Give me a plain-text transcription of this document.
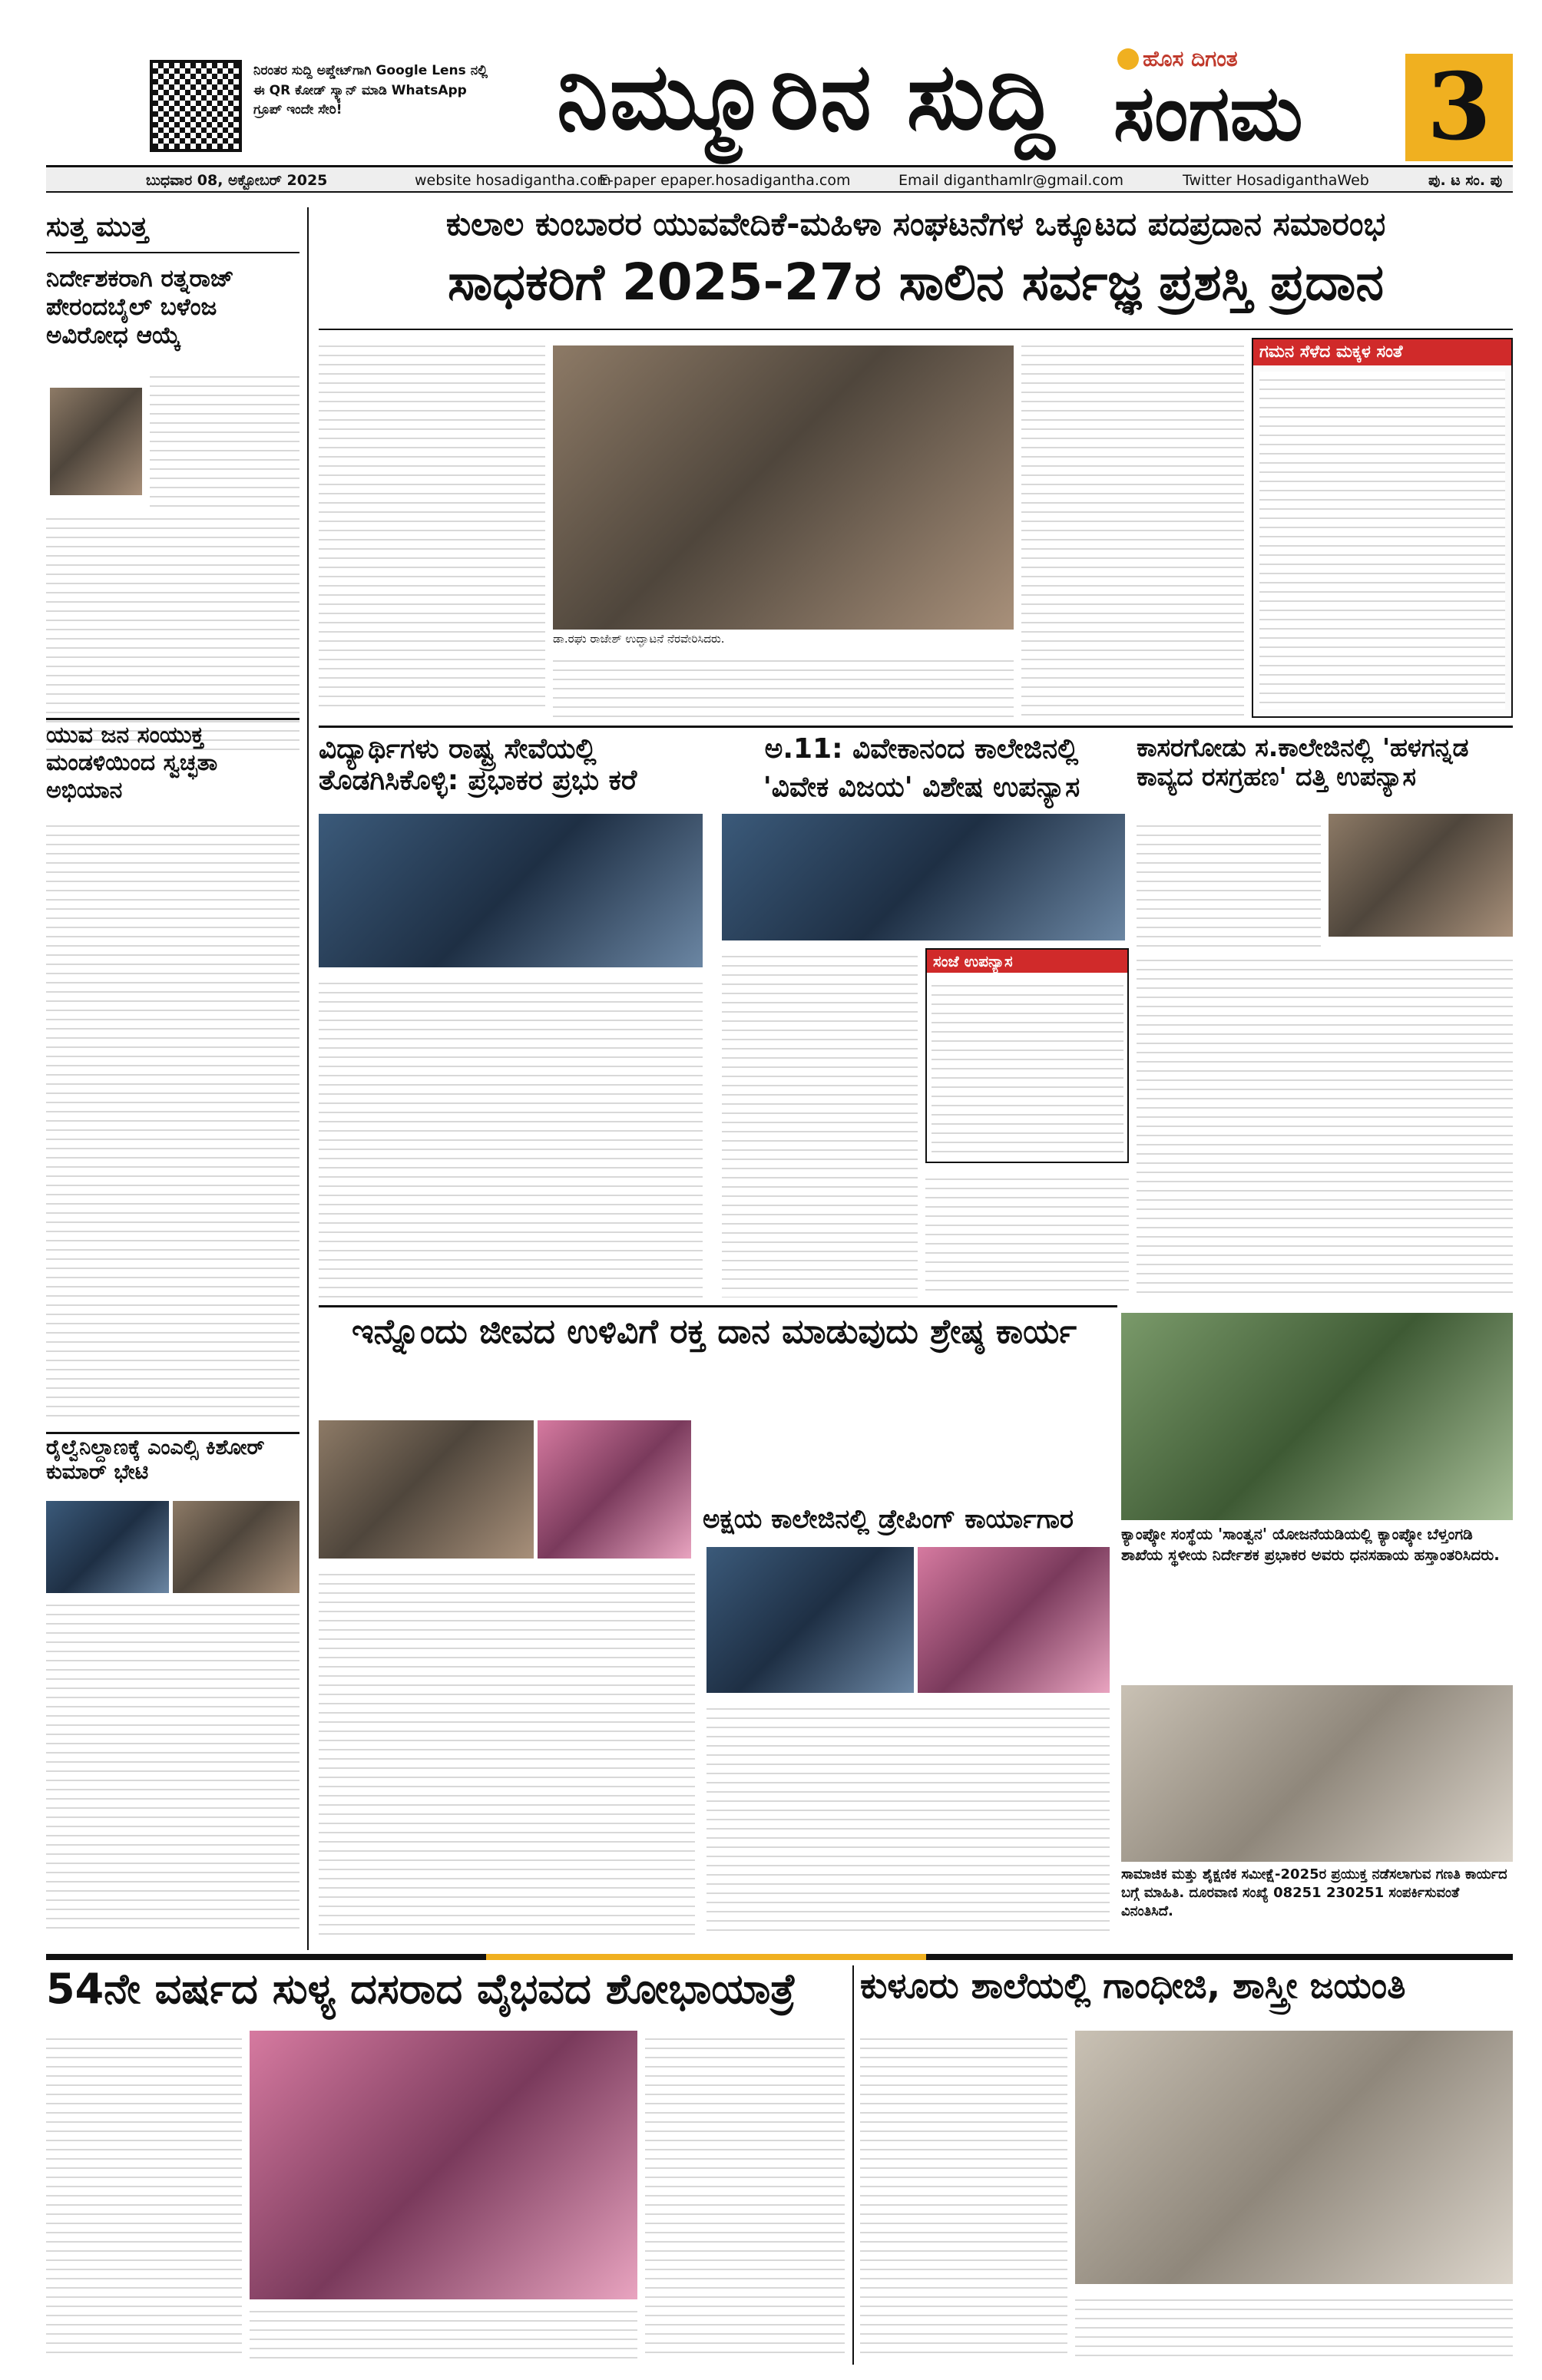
ನಿರಂತರ ಸುದ್ದಿ ಅಪ್ಡೇಟ್‌ಗಾಗಿ Google Lens ನಲ್ಲಿ ಈ QR ಕೋಡ್ ಸ್ಕ್ಯಾನ್ ಮಾಡಿ WhatsApp ಗ್ರೂಪ್ ಇಂದೇ ಸೇರಿ!	ನಿಮ್ಮೂರಿನ ಸುದ್ದಿ	ಹೊಸ ದಿಗಂತ
ಸಂಗಮ	3
ಬುಧವಾರ 08, ಅಕ್ಟೋಬರ್ 2025	website hosadigantha.com
E-paper epaper.hosadigantha.com	Email diganthamlr@gmail.com	Twitter HosadiganthaWeb	ಪು. ಟ ಸಂ. ಪು
ಸುತ್ತ ಮುತ್ತ
ನಿರ್ದೇಶಕರಾಗಿ ರತ್ನರಾಜ್ ಪೇರಂದಬೈಲ್ ಬಳೆಂಜ ಅವಿರೋಧ ಆಯ್ಕೆ
ಯುವ ಜನ ಸಂಯುಕ್ತ ಮಂಡಳಿಯಿಂದ ಸ್ವಚ್ಛತಾ ಅಭಿಯಾನ
ರೈಲ್ವೆನಿಲ್ದಾಣಕ್ಕೆ ಎಂಎಲ್ಸಿ ಕಿಶೋರ್ ಕುಮಾರ್ ಭೇಟಿ
ಕುಲಾಲ ಕುಂಬಾರರ ಯುವವೇದಿಕೆ-ಮಹಿಳಾ ಸಂಘಟನೆಗಳ ಒಕ್ಕೂಟದ ಪದಪ್ರದಾನ ಸಮಾರಂಭ
ಸಾಧಕರಿಗೆ 2025-27ರ ಸಾಲಿನ ಸರ್ವಜ್ಞ ಪ್ರಶಸ್ತಿ ಪ್ರದಾನ
ಡಾ.ರಘು ರಾಜೇಶ್ ಉದ್ಘಾಟನೆ ನೆರವೇರಿಸಿದರು.
ಗಮನ ಸೆಳೆದ ಮಕ್ಕಳ ಸಂತೆ
ವಿದ್ಯಾರ್ಥಿಗಳು ರಾಷ್ಟ್ರ ಸೇವೆಯಲ್ಲಿ ತೊಡಗಿಸಿಕೊಳ್ಳಿ: ಪ್ರಭಾಕರ ಪ್ರಭು ಕರೆ
ಅ.11: ವಿವೇಕಾನಂದ ಕಾಲೇಜಿನಲ್ಲಿ
'ವಿವೇಕ ವಿಜಯ' ವಿಶೇಷ ಉಪನ್ಯಾಸ
ಸಂಜೆ ಉಪನ್ಯಾಸ
ಕಾಸರಗೋಡು ಸ.ಕಾಲೇಜಿನಲ್ಲಿ 'ಹಳಗನ್ನಡ ಕಾವ್ಯದ ರಸಗ್ರಹಣ' ದತ್ತಿ ಉಪನ್ಯಾಸ
ಇನ್ನೊಂದು ಜೀವದ ಉಳಿವಿಗೆ ರಕ್ತ ದಾನ ಮಾಡುವುದು ಶ್ರೇಷ್ಠ ಕಾರ್ಯ
ಅಕ್ಷಯ ಕಾಲೇಜಿನಲ್ಲಿ ಡ್ರೇಪಿಂಗ್ ಕಾರ್ಯಾಗಾರ	ಕ್ಯಾಂಪ್ಕೋ ಸಂಸ್ಥೆಯ 'ಸಾಂತ್ವನ' ಯೋಜನೆಯಡಿಯಲ್ಲಿ ಕ್ಯಾಂಪ್ಕೋ ಬೆಳ್ತಂಗಡಿ ಶಾಖೆಯ ಸ್ಥಳೀಯ ನಿರ್ದೇಶಕ ಪ್ರಭಾಕರ ಅವರು ಧನಸಹಾಯ ಹಸ್ತಾಂತರಿಸಿದರು.
ಸಾಮಾಜಿಕ ಮತ್ತು ಶೈಕ್ಷಣಿಕ ಸಮೀಕ್ಷೆ-2025ರ ಪ್ರಯುಕ್ತ ನಡೆಸಲಾಗುವ ಗಣತಿ ಕಾರ್ಯದ ಬಗ್ಗೆ ಮಾಹಿತಿ. ದೂರವಾಣಿ ಸಂಖ್ಯೆ 08251 230251 ಸಂಪರ್ಕಿಸುವಂತೆ ವಿನಂತಿಸಿದೆ.
54ನೇ ವರ್ಷದ ಸುಳ್ಯ ದಸರಾದ ವೈಭವದ ಶೋಭಾಯಾತ್ರೆ	ಕುಳೂರು ಶಾಲೆಯಲ್ಲಿ ಗಾಂಧೀಜಿ, ಶಾಸ್ತ್ರೀ ಜಯಂತಿ
